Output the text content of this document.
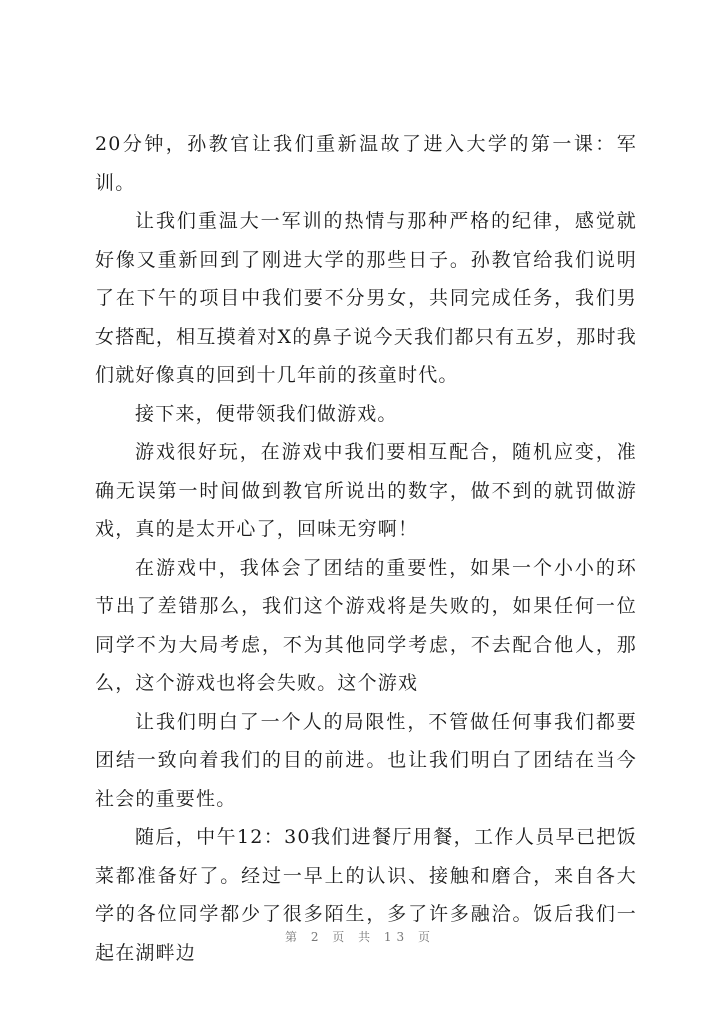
20分钟，孙教官让我们重新温故了进入大学的第一课：军训。

让我们重温大一军训的热情与那种严格的纪律，感觉就好像又重新回到了刚进大学的那些日子。孙教官给我们说明了在下午的项目中我们要不分男女，共同完成任务，我们男女搭配，相互摸着对X的鼻子说今天我们都只有五岁，那时我们就好像真的回到十几年前的孩童时代。

接下来，便带领我们做游戏。

游戏很好玩，在游戏中我们要相互配合，随机应变，准确无误第一时间做到教官所说出的数字，做不到的就罚做游戏，真的是太开心了，回味无穷啊！

在游戏中，我体会了团结的重要性，如果一个小小的环节出了差错那么，我们这个游戏将是失败的，如果任何一位同学不为大局考虑，不为其他同学考虑，不去配合他人，那么，这个游戏也将会失败。这个游戏

让我们明白了一个人的局限性，不管做任何事我们都要团结一致向着我们的目的前进。也让我们明白了团结在当今社会的重要性。

随后，中午12：30我们进餐厅用餐，工作人员早已把饭菜都准备好了。经过一早上的认识、接触和磨合，来自各大学的各位同学都少了很多陌生，多了许多融洽。饭后我们一起在湖畔边

第 2 页 共 13 页
